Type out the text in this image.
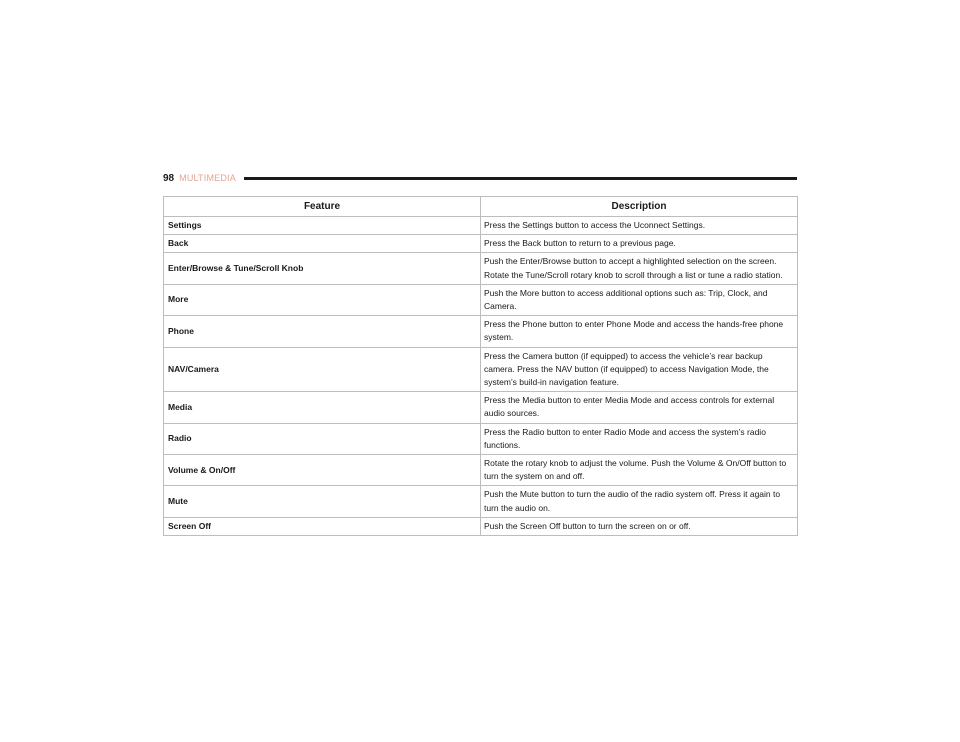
98 MULTIMEDIA
Feature	Description
Settings	Press the Settings button to access the Uconnect Settings.
Back	Press the Back button to return to a previous page.
Enter/Browse & Tune/Scroll Knob	Push the Enter/Browse button to accept a highlighted selection on the screen. Rotate the Tune/Scroll rotary knob to scroll through a list or tune a radio station.
More	Push the More button to access additional options such as: Trip, Clock, and Camera.
Phone	Press the Phone button to enter Phone Mode and access the hands-free phone system.
NAV/Camera	Press the Camera button (if equipped) to access the vehicle’s rear backup camera. Press the NAV button (if equipped) to access Navigation Mode, the system’s build-in navigation feature.
Media	Press the Media button to enter Media Mode and access controls for external audio sources.
Radio	Press the Radio button to enter Radio Mode and access the system’s radio functions.
Volume & On/Off	Rotate the rotary knob to adjust the volume. Push the Volume & On/Off button to turn the system on and off.
Mute	Push the Mute button to turn the audio of the radio system off. Press it again to turn the audio on.
Screen Off	Push the Screen Off button to turn the screen on or off.
